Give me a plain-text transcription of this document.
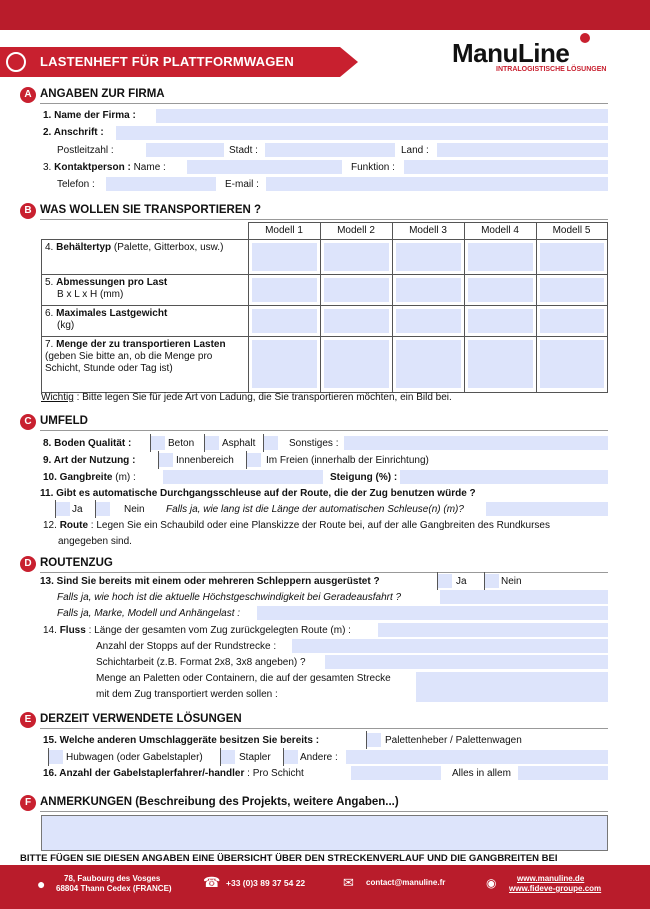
LASTENHEFT FÜR PLATTFORMWAGEN	ManuLine
INTRALOGISTISCHE LÖSUNGEN
A ANGABEN ZUR FIRMA
1. Name der Firma :
2. Anschrift :
Postleitzahl :	Stadt :	Land :
3. Kontaktperson : Name :	Funktion :
Telefon :	E-mail :
B WAS WOLLEN SIE TRANSPORTIEREN ?
	Modell 1	Modell 2	Modell 3	Modell 4	Modell 5
4. Behältertyp (Palette, Gitterbox, usw.)	

5. Abmessungen pro Last
B x L x H (mm)	

6. Maximales Lastgewicht
(kg)	

7. Menge der zu transportieren Lasten (geben Sie bitte an, ob die Menge pro Schicht, Stunde oder Tag ist)	

Wichtig : Bitte legen Sie für jede Art von Ladung, die Sie transportieren möchten, ein Bild bei.
C UMFELD
8. Boden Qualität :	Beton	Asphalt	Sonstiges :
9. Art der Nutzung :	Innenbereich	Im Freien (innerhalb der Einrichtung)
10. Gangbreite (m) :	Steigung (%) :
11. Gibt es automatische Durchgangsschleuse auf der Route, die der Zug benutzen würde ?
Ja	Nein Falls ja, wie lang ist die Länge der automatischen Schleuse(n) (m)?
12. Route : Legen Sie ein Schaubild oder eine Planskizze der Route bei, auf der alle Gangbreiten des Rundkurses
angegeben sind.
D ROUTENZUG
13. Sind Sie bereits mit einem oder mehreren Schleppern ausgerüstet ?	Ja	Nein
Falls ja, wie hoch ist die aktuelle Höchstgeschwindigkeit bei Geradeausfahrt ?
Falls ja, Marke, Modell und Anhängelast :
14. Fluss : Länge der gesamten vom Zug zurückgelegten Route (m) :
Anzahl der Stopps auf der Rundstrecke :
Schichtarbeit (z.B. Format 2x8, 3x8 angeben) ?
Menge an Paletten oder Containern, die auf der gesamten Strecke
mit dem Zug transportiert werden sollen :
E DERZEIT VERWENDETE LÖSUNGEN
15. Welche anderen Umschlaggeräte besitzen Sie bereits :	Palettenheber / Palettenwagen
Hubwagen (oder Gabelstapler)	Stapler	Andere :
16. Anzahl der Gabelstaplerfahrer/-handler : Pro Schicht	Alles in allem
F ANMERKUNGEN (Beschreibung des Projekts, weitere Angaben...)
BITTE FÜGEN SIE DIESEN ANGABEN EINE ÜBERSICHT ÜBER DEN STRECKENVERLAUF UND DIE GANGBREITEN BEI
● 78, Faubourg des Vosges
68804 Thann Cedex (FRANCE) ☎ +33 (0)3 89 37 54 22	✉ contact@manuline.fr	◉	www.manuline.de
www.fideve-groupe.com
